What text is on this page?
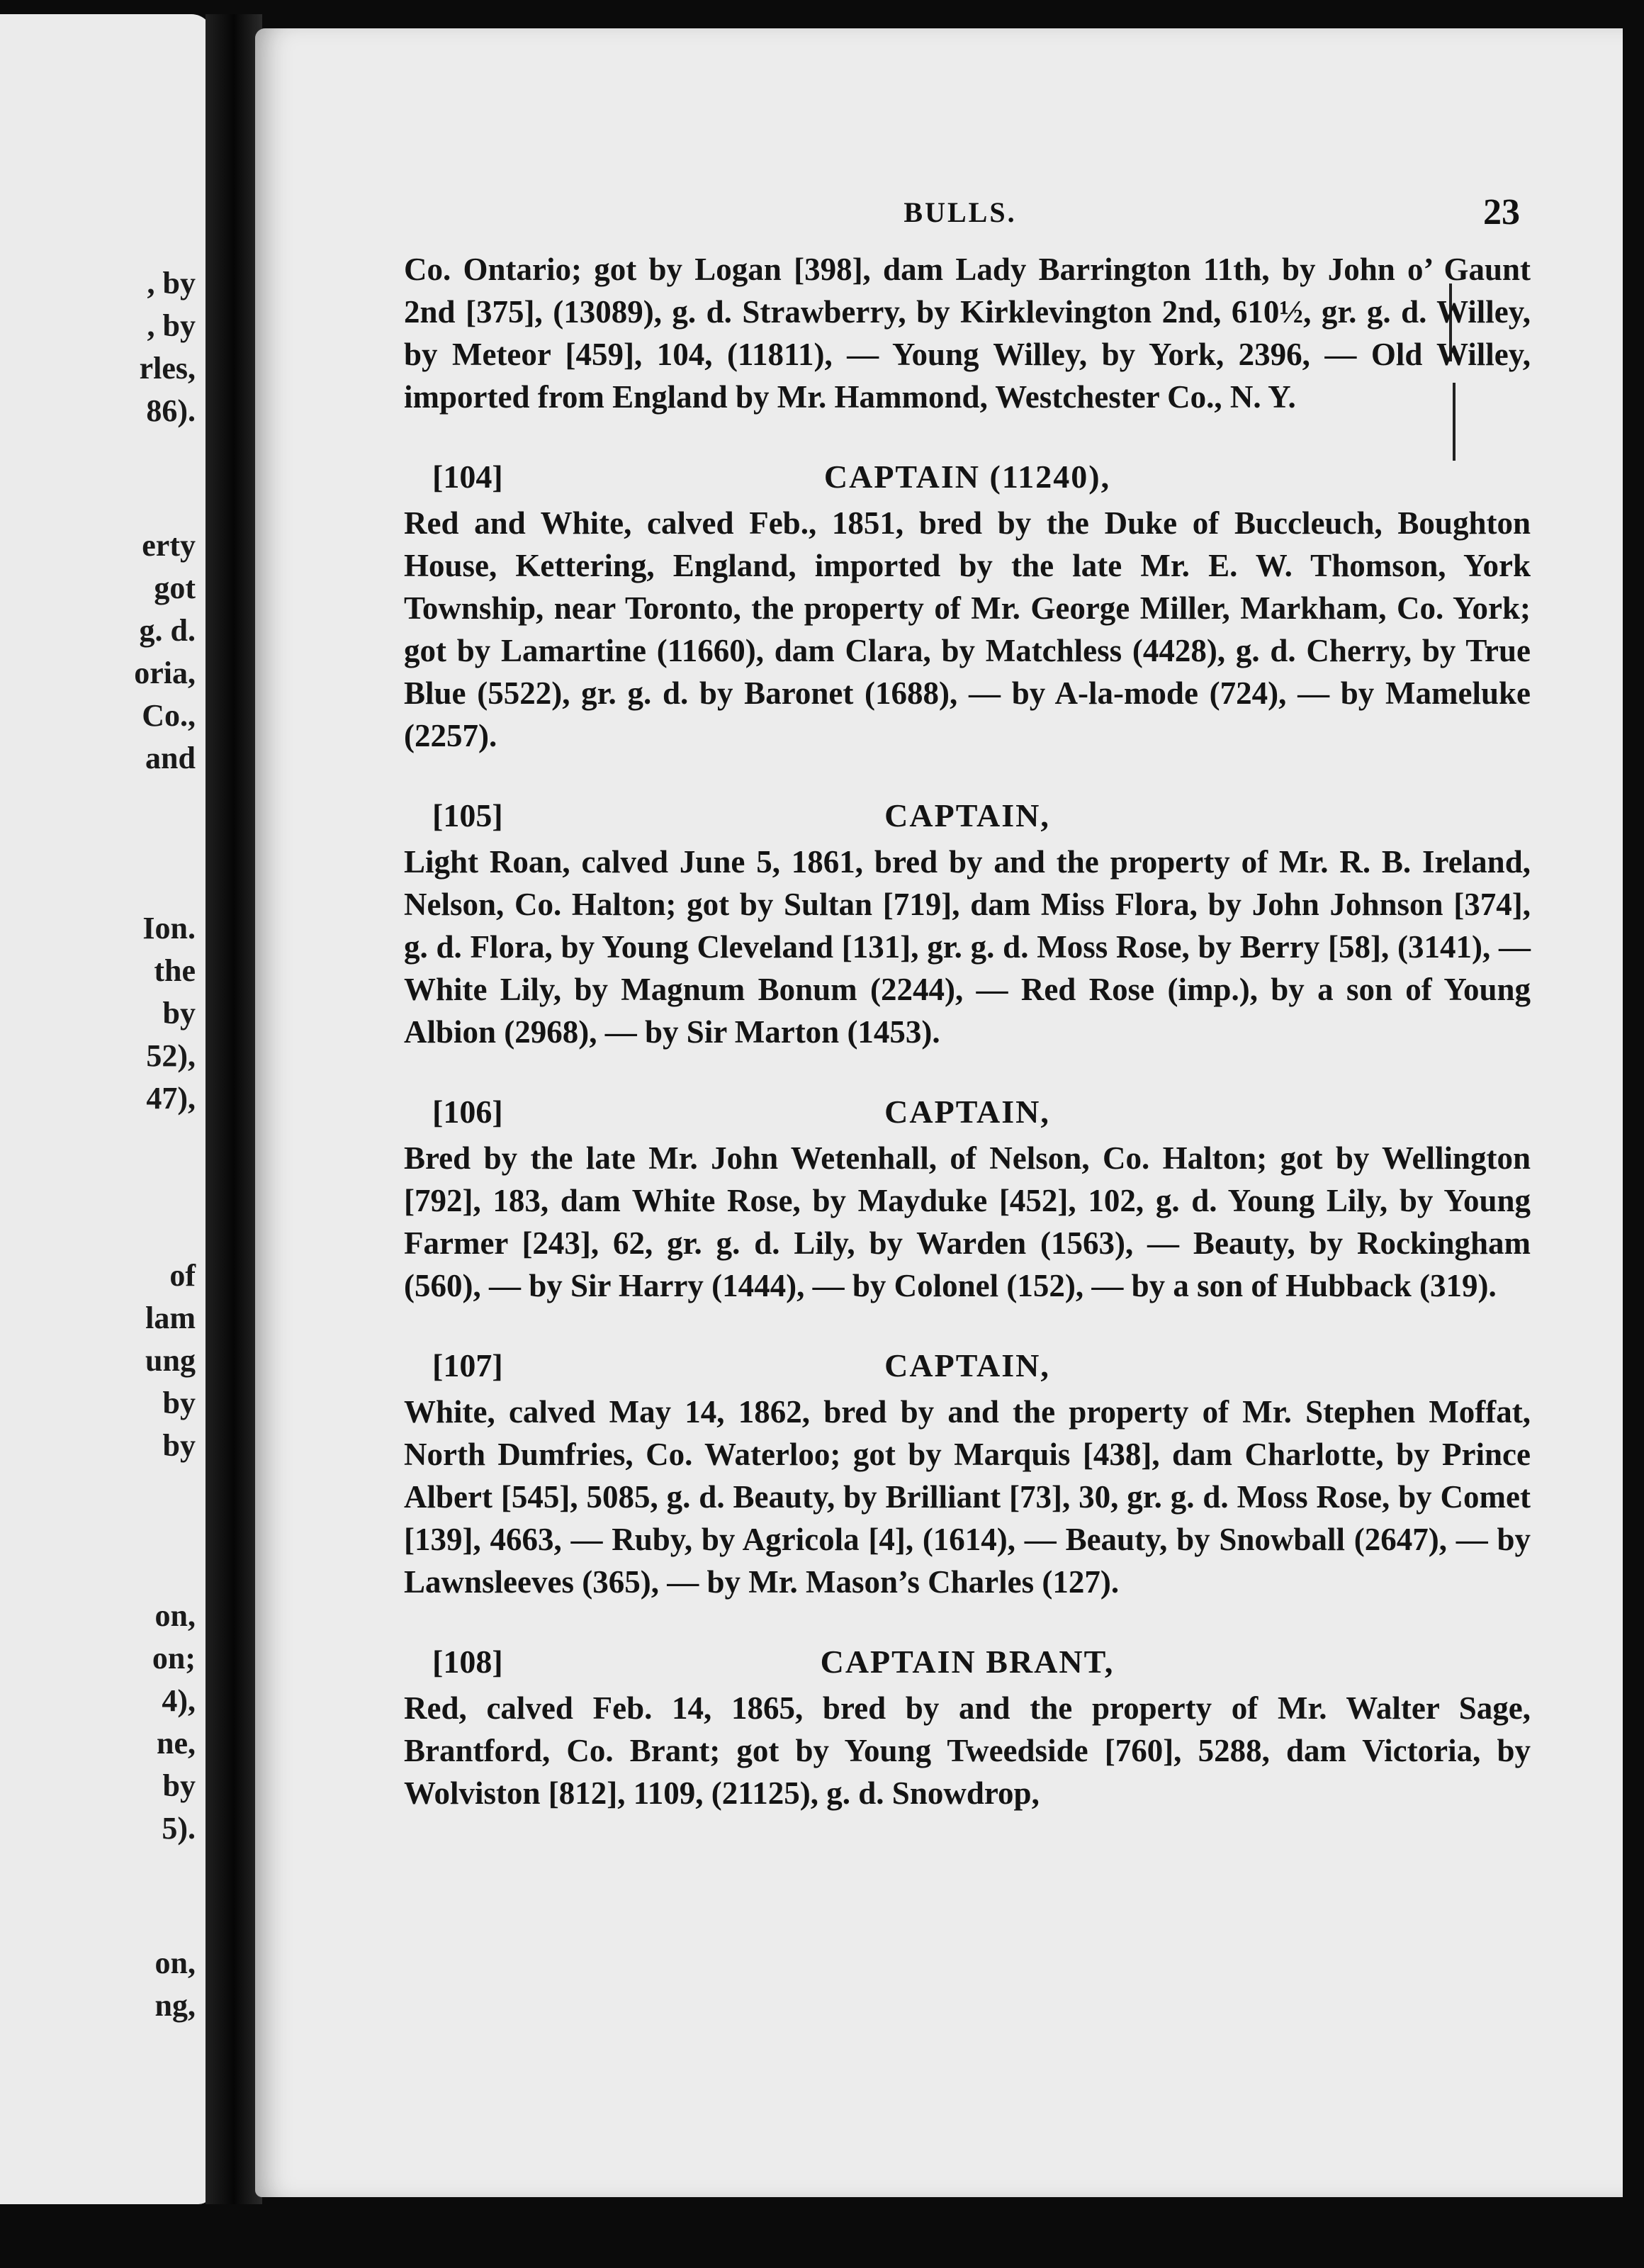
, by
, by
rles,
86).
erty
got
g. d.
oria,
Co.,
and
Ion.
the
by
52),
47),
of
lam
ung
by
by
on,
on;
4),
ne,
by
5).
on,
ng,
BULLS.	23

Co. Ontario; got by Logan [398], dam Lady Barrington 11th, by John o’ Gaunt 2nd [375], (13089), g. d. Strawberry, by Kirklevington 2nd, 610½, gr. g. d. Willey, by Meteor [459], 104, (11811), — Young Willey, by York, 2396, — Old Willey, imported from England by Mr. Hammond, Westchester Co., N. Y.

CAPTAIN (11240),
[104]

Red and White, calved Feb., 1851, bred by the Duke of Buccleuch, Boughton House, Kettering, England, imported by the late Mr. E. W. Thomson, York Township, near Toronto, the property of Mr. George Miller, Markham, Co. York; got by Lamartine (11660), dam Clara, by Matchless (4428), g. d. Cherry, by True Blue (5522), gr. g. d. by Baronet (1688), — by A-la-mode (724), — by Mameluke (2257).

CAPTAIN,
[105]

Light Roan, calved June 5, 1861, bred by and the property of Mr. R. B. Ireland, Nelson, Co. Halton; got by Sultan [719], dam Miss Flora, by John Johnson [374], g. d. Flora, by Young Cleveland [131], gr. g. d. Moss Rose, by Berry [58], (3141), — White Lily, by Magnum Bonum (2244), — Red Rose (imp.), by a son of Young Albion (2968), — by Sir Marton (1453).

CAPTAIN,
[106]

Bred by the late Mr. John Wetenhall, of Nelson, Co. Halton; got by Wellington [792], 183, dam White Rose, by Mayduke [452], 102, g. d. Young Lily, by Young Farmer [243], 62, gr. g. d. Lily, by Warden (1563), — Beauty, by Rockingham (560), — by Sir Harry (1444), — by Colonel (152), — by a son of Hubback (319).

CAPTAIN,
[107]

White, calved May 14, 1862, bred by and the property of Mr. Stephen Moffat, North Dumfries, Co. Waterloo; got by Marquis [438], dam Charlotte, by Prince Albert [545], 5085, g. d. Beauty, by Brilliant [73], 30, gr. g. d. Moss Rose, by Comet [139], 4663, — Ruby, by Agricola [4], (1614), — Beauty, by Snowball (2647), — by Lawnsleeves (365), — by Mr. Mason’s Charles (127).

CAPTAIN BRANT,
[108]

Red, calved Feb. 14, 1865, bred by and the property of Mr. Walter Sage, Brantford, Co. Brant; got by Young Tweedside [760], 5288, dam Victoria, by Wolviston [812], 1109, (21125), g. d. Snowdrop,
